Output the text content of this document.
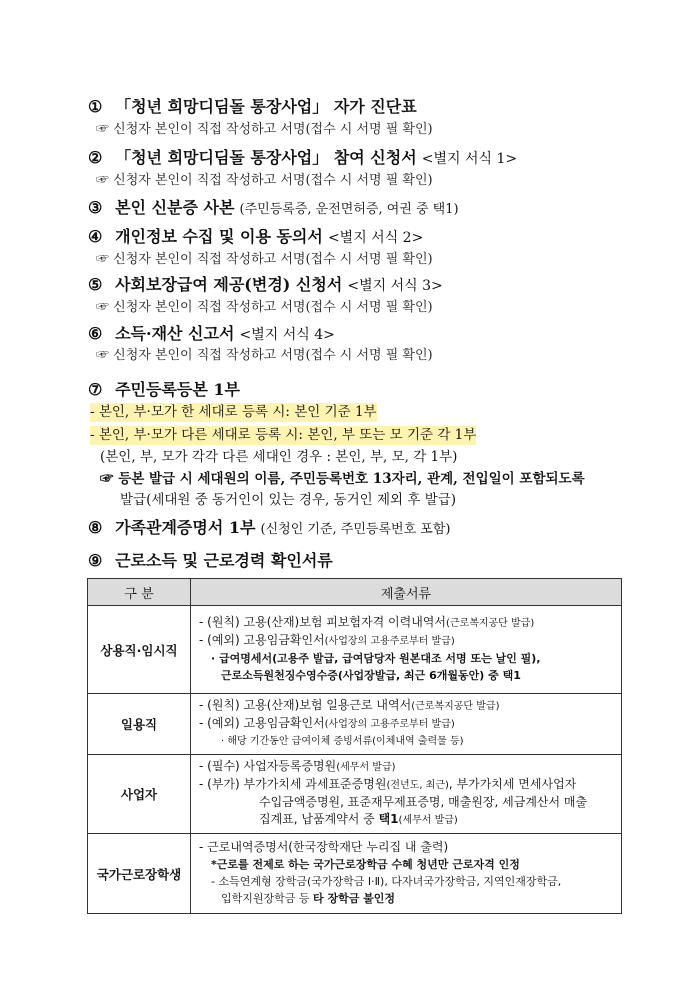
① 「청년 희망디딤돌 통장사업」 자가 진단표
☞ 신청자 본인이 직접 작성하고 서명(접수 시 서명 필 확인)
② 「청년 희망디딤돌 통장사업」 참여 신청서 <별지 서식 1>
☞ 신청자 본인이 직접 작성하고 서명(접수 시 서명 필 확인)
③ 본인 신분증 사본 (주민등록증, 운전면허증, 여권 중 택1)
④ 개인정보 수집 및 이용 동의서 <별지 서식 2>
☞ 신청자 본인이 직접 작성하고 서명(접수 시 서명 필 확인)
⑤ 사회보장급여 제공(변경) 신청서 <별지 서식 3>
☞ 신청자 본인이 직접 작성하고 서명(접수 시 서명 필 확인)
⑥ 소득·재산 신고서 <별지 서식 4>
☞ 신청자 본인이 직접 작성하고 서명(접수 시 서명 필 확인)
⑦ 주민등록등본 1부
- 본인, 부·모가 한 세대로 등록 시: 본인 기준 1부
- 본인, 부·모가 다른 세대로 등록 시: 본인, 부 또는 모 기준 각 1부
(본인, 부, 모가 각각 다른 세대인 경우 : 본인, 부, 모, 각 1부)
☞ 등본 발급 시 세대원의 이름, 주민등록번호 13자리, 관계, 전입일이 포함되도록
발급(세대원 중 동거인이 있는 경우, 동거인 제외 후 발급)
⑧ 가족관계증명서 1부 (신청인 기준, 주민등록번호 포함)
⑨ 근로소득 및 근로경력 확인서류
구 분	제출서류
상용직·임시직	- (원칙) 고용(산재)보험 피보험자격 이력내역서(근로복지공단 발급)
- (예외) 고용임금확인서(사업장의 고용주로부터 발급)
· 급여명세서(고용주 발급, 급여담당자 원본대조 서명 또는 날인 필),
근로소득원천징수영수증(사업장발급, 최근 6개월동안) 중 택1

일용직	- (원칙) 고용(산재)보험 일용근로 내역서(근로복지공단 발급)
- (예외) 고용임금확인서(사업장의 고용주로부터 발급)
· 해당 기간동안 급여이체 증빙서류(이체내역 출력물 등)

사업자	- (필수) 사업자등록증명원(세무서 발급)
- (부가) 부가가치세 과세표준증명원(전년도, 최근), 부가가치세 면세사업자
수입금액증명원, 표준재무제표증명, 매출원장, 세금계산서 매출
집계표, 납품계약서 중 택1(세무서 발급)

국가근로장학생	- 근로내역증명서(한국장학재단 누리집 내 출력)
*근로를 전제로 하는 국가근로장학금 수혜 청년만 근로자격 인정
- 소득연계형 장학금(국가장학금 Ⅰ·Ⅱ), 다자녀국가장학금, 지역인재장학금,
입학지원장학금 등 타 장학금 불인정
